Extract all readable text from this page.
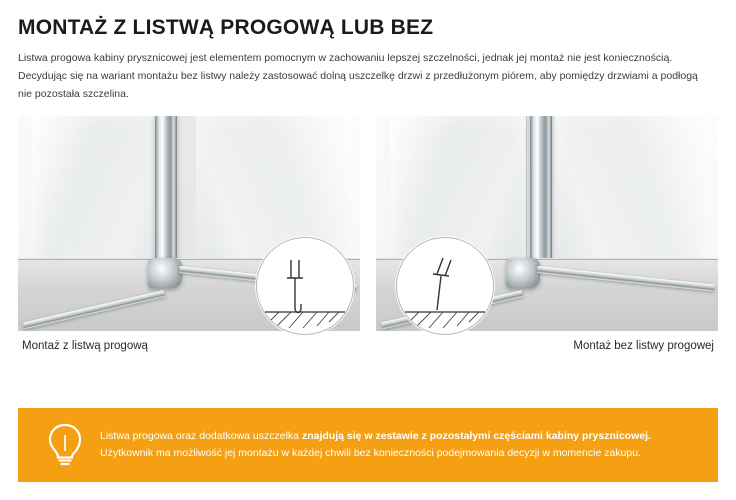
MONTAŻ Z LISTWĄ PROGOWĄ LUB BEZ

Listwa progowa kabiny prysznicowej jest elementem pomocnym w zachowaniu lepszej szczelności, jednak jej montaż nie jest koniecznością.

Decydując się na wariant montażu bez listwy należy zastosować dolną uszczelkę drzwi z przedłużonym piórem, aby pomiędzy drzwiami a podłogą

nie pozostała szczelina.

Montaż z listwą progową	Montaż bez listwy progowej

Listwa progowa oraz dodatkowa uszczelka znajdują się w zestawie z pozostałymi częściami kabiny prysznicowej.

Użytkownik ma możliwość jej montażu w każdej chwili bez konieczności podejmowania decyzji w momencie zakupu.
